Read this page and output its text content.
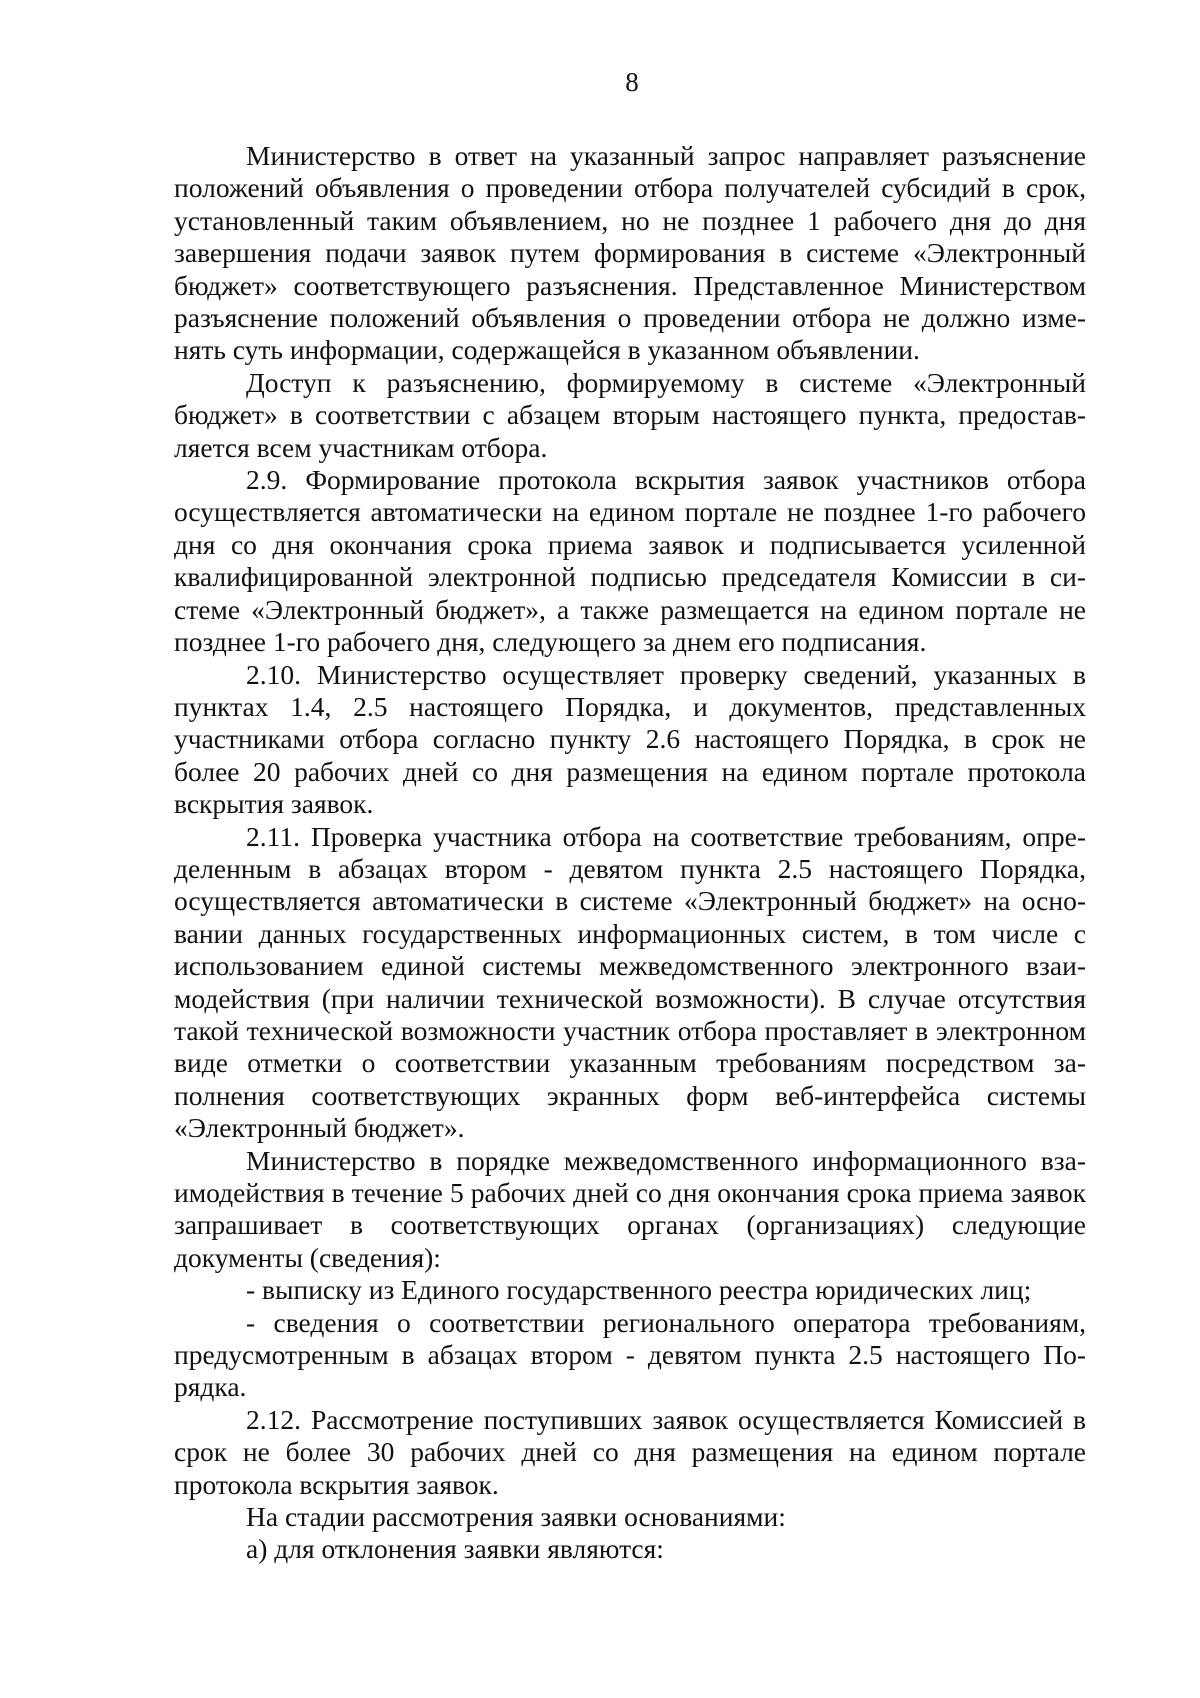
8

Министерство в ответ на указанный запрос направляет разъяснение положений объявления о проведении отбора получателей субсидий в срок, установленный таким объявлением, но не позднее 1 рабочего дня до дня завершения подачи заявок путем формирования в системе «Электронный бюджет» соответствующего разъяснения. Представленное Министерством разъяснение положений объявления о проведении отбора не должно изменять суть информации, содержащейся в указанном объявлении.

Доступ к разъяснению, формируемому в системе «Электронный бюджет» в соответствии с абзацем вторым настоящего пункта, предоставляется всем участникам отбора.

2.9. Формирование протокола вскрытия заявок участников отбора осуществляется автоматически на едином портале не позднее 1-го рабочего дня со дня окончания срока приема заявок и подписывается усиленной квалифицированной электронной подписью председателя Комиссии в системе «Электронный бюджет», а также размещается на едином портале не позднее 1-го рабочего дня, следующего за днем его подписания.

2.10. Министерство осуществляет проверку сведений, указанных в пунктах 1.4, 2.5 настоящего Порядка, и документов, представленных участниками отбора согласно пункту 2.6 настоящего Порядка, в срок не более 20 рабочих дней со дня размещения на едином портале протокола вскрытия заявок.

2.11. Проверка участника отбора на соответствие требованиям, определенным в абзацах втором - девятом пункта 2.5 настоящего Порядка, осуществляется автоматически в системе «Электронный бюджет» на основании данных государственных информационных систем, в том числе с использованием единой системы межведомственного электронного взаимодействия (при наличии технической возможности). В случае отсутствия такой технической возможности участник отбора проставляет в электронном виде отметки о соответствии указанным требованиям посредством заполнения соответствующих экранных форм веб-интерфейса системы «Электронный бюджет».

Министерство в порядке межведомственного информационного взаимодействия в течение 5 рабочих дней со дня окончания срока приема заявок запрашивает в соответствующих органах (организациях) следующие документы (сведения):

- выписку из Единого государственного реестра юридических лиц;

- сведения о соответствии регионального оператора требованиям, предусмотренным в абзацах втором - девятом пункта 2.5 настоящего Порядка.

2.12. Рассмотрение поступивших заявок осуществляется Комиссией в срок не более 30 рабочих дней со дня размещения на едином портале протокола вскрытия заявок.

На стадии рассмотрения заявки основаниями:

а) для отклонения заявки являются:
